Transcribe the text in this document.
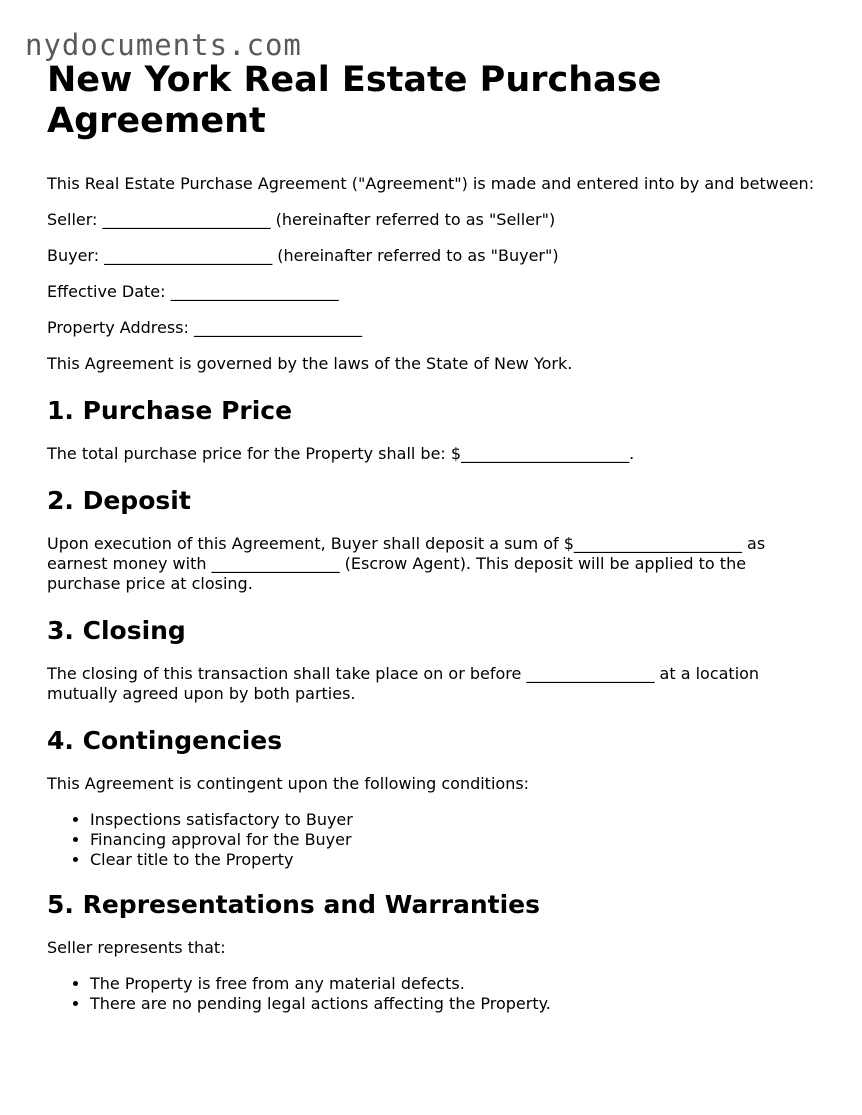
nydocuments.com
New York Real Estate Purchase Agreement

This Real Estate Purchase Agreement ("Agreement") is made and entered into by and between:

Seller: _____________________ (hereinafter referred to as "Seller")

Buyer: _____________________ (hereinafter referred to as "Buyer")

Effective Date: _____________________

Property Address: _____________________

This Agreement is governed by the laws of the State of New York.

1. Purchase Price

The total purchase price for the Property shall be: $_____________________.

2. Deposit

Upon execution of this Agreement, Buyer shall deposit a sum of $_____________________ as earnest money with ________________ (Escrow Agent). This deposit will be applied to the purchase price at closing.

3. Closing

The closing of this transaction shall take place on or before ________________ at a location mutually agreed upon by both parties.

4. Contingencies

This Agreement is contingent upon the following conditions:

• Inspections satisfactory to Buyer
• Financing approval for the Buyer
• Clear title to the Property
5. Representations and Warranties

Seller represents that:

• The Property is free from any material defects.
• There are no pending legal actions affecting the Property.
